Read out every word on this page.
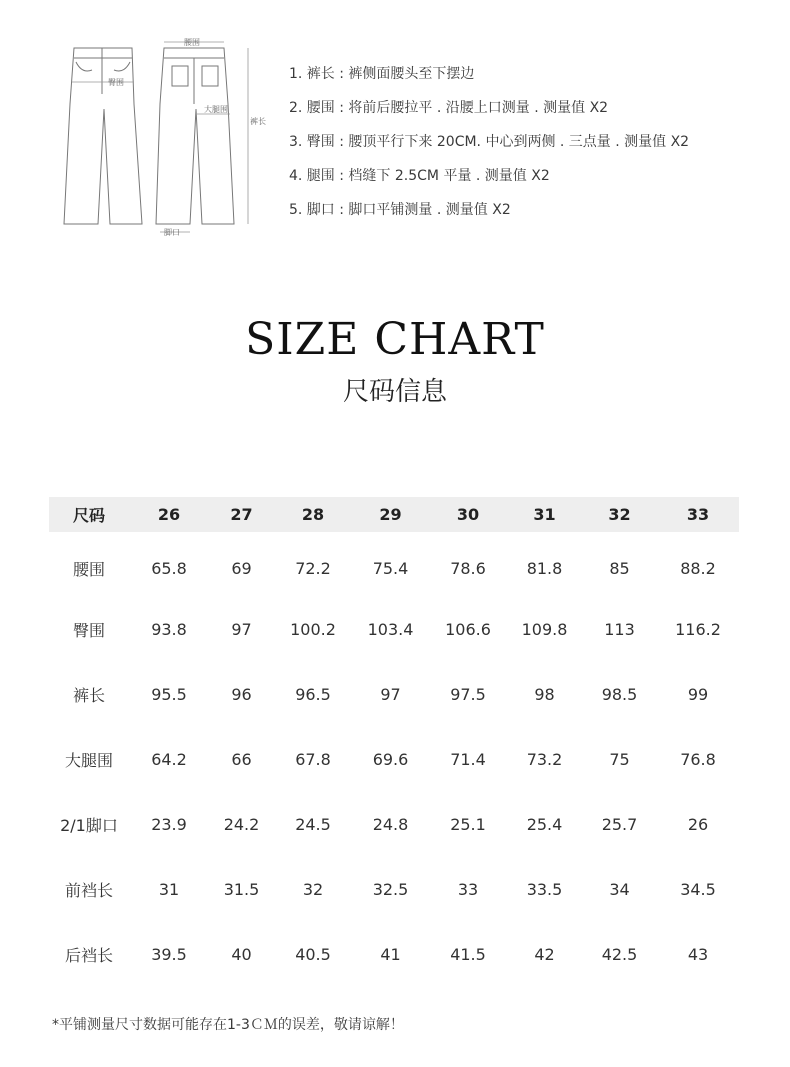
腰围
臀围
大腿围
裤长
脚口
1. 裤长 : 裤侧面腰头至下摆边
2. 腰围 : 将前后腰拉平 . 沿腰上口测量 . 测量值 X2
3. 臀围 : 腰顶平行下来 20CM. 中心到两侧 . 三点量 . 测量值 X2
4. 腿围 : 档缝下 2.5CM 平量 . 测量值 X2
5. 脚口 : 脚口平铺测量 . 测量值 X2
SIZE CHART
尺码信息
尺码	26	27	28	29	30	31	32	33
腰围	65.8	69	72.2	75.4	78.6	81.8	85	88.2
臀围	93.8	97	100.2	103.4	106.6	109.8	113	116.2
裤长	95.5	96	96.5	97	97.5	98	98.5	99
大腿围	64.2	66	67.8	69.6	71.4	73.2	75	76.8
2/1脚口	23.9	24.2	24.5	24.8	25.1	25.4	25.7	26
前裆长	31	31.5	32	32.5	33	33.5	34	34.5
后裆长	39.5	40	40.5	41	41.5	42	42.5	43
*平铺测量尺寸数据可能存在1-3ＣＭ的误差，敬请谅解！
